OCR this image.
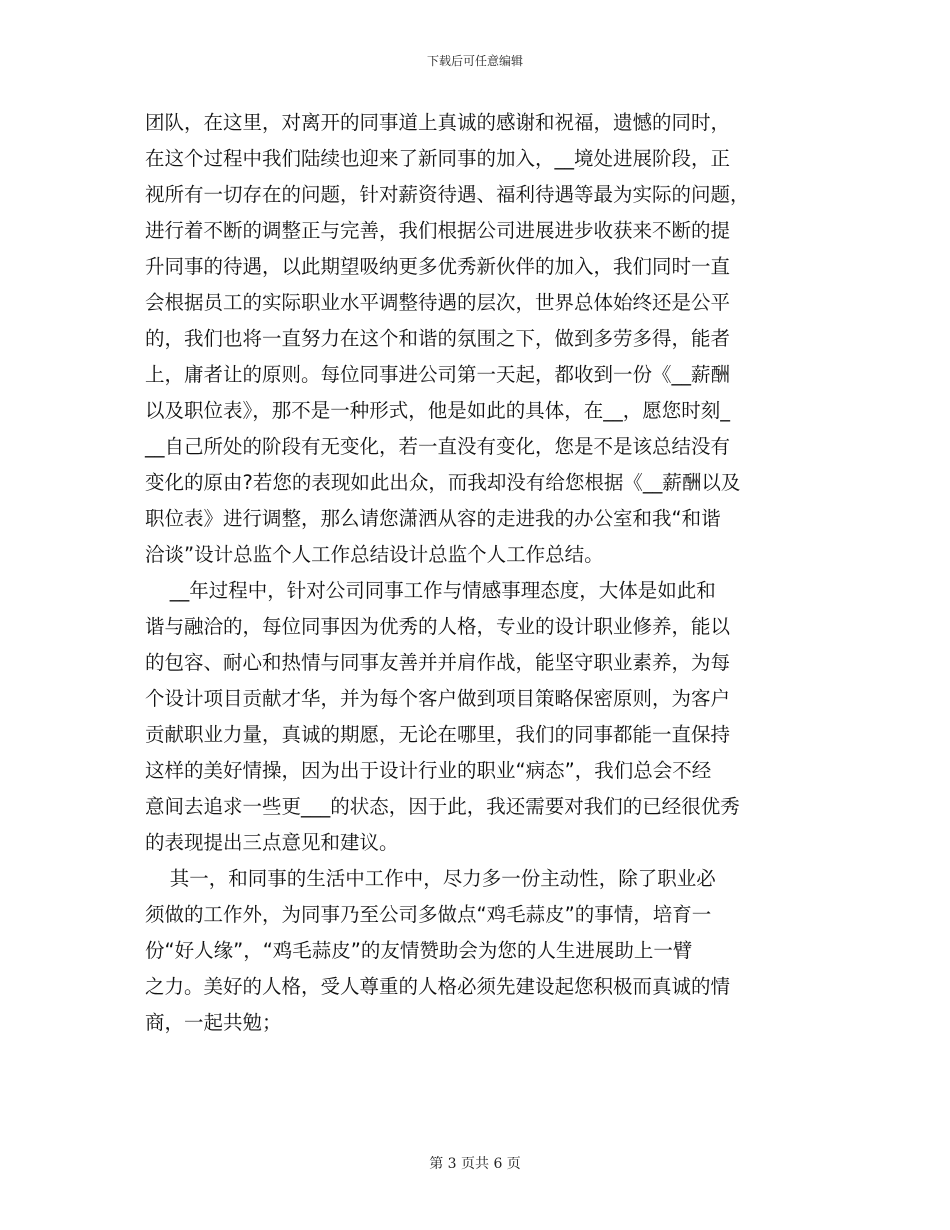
下载后可任意编辑
团队，在这里，对离开的同事道上真诚的感谢和祝福，遗憾的同时，
在这个过程中我们陆续也迎来了新同事的加入，__境处进展阶段，正
视所有一切存在的问题，针对薪资待遇、福利待遇等最为实际的问题，
进行着不断的调整正与完善，我们根据公司进展进步收获来不断的提
升同事的待遇，以此期望吸纳更多优秀新伙伴的加入，我们同时一直
会根据员工的实际职业水平调整待遇的层次，世界总体始终还是公平
的，我们也将一直努力在这个和谐的氛围之下，做到多劳多得，能者
上，庸者让的原则。每位同事进公司第一天起，都收到一份《__薪酬
以及职位表》，那不是一种形式，他是如此的具体，在__，愿您时刻_
__自己所处的阶段有无变化，若一直没有变化，您是不是该总结没有
变化的原由?若您的表现如此出众，而我却没有给您根据《__薪酬以及
职位表》进行调整，那么请您潇洒从容的走进我的办公室和我“和谐
洽谈”设计总监个人工作总结设计总监个人工作总结。
__年过程中，针对公司同事工作与情感事理态度，大体是如此和
谐与融洽的，每位同事因为优秀的人格，专业的设计职业修养，能以
的包容、耐心和热情与同事友善并并肩作战，能坚守职业素养，为每
个设计项目贡献才华，并为每个客户做到项目策略保密原则，为客户
贡献职业力量，真诚的期愿，无论在哪里，我们的同事都能一直保持
这样的美好情操，因为出于设计行业的职业“病态”，我们总会不经
意间去追求一些更___的状态，因于此，我还需要对我们的已经很优秀
的表现提出三点意见和建议。
其一，和同事的生活中工作中，尽力多一份主动性，除了职业必
须做的工作外，为同事乃至公司多做点“鸡毛蒜皮”的事情，培育一
份“好人缘”，“鸡毛蒜皮”的友情赞助会为您的人生进展助上一臂
之力。美好的人格，受人尊重的人格必须先建设起您积极而真诚的情
商，一起共勉；
第 3 页共 6 页
